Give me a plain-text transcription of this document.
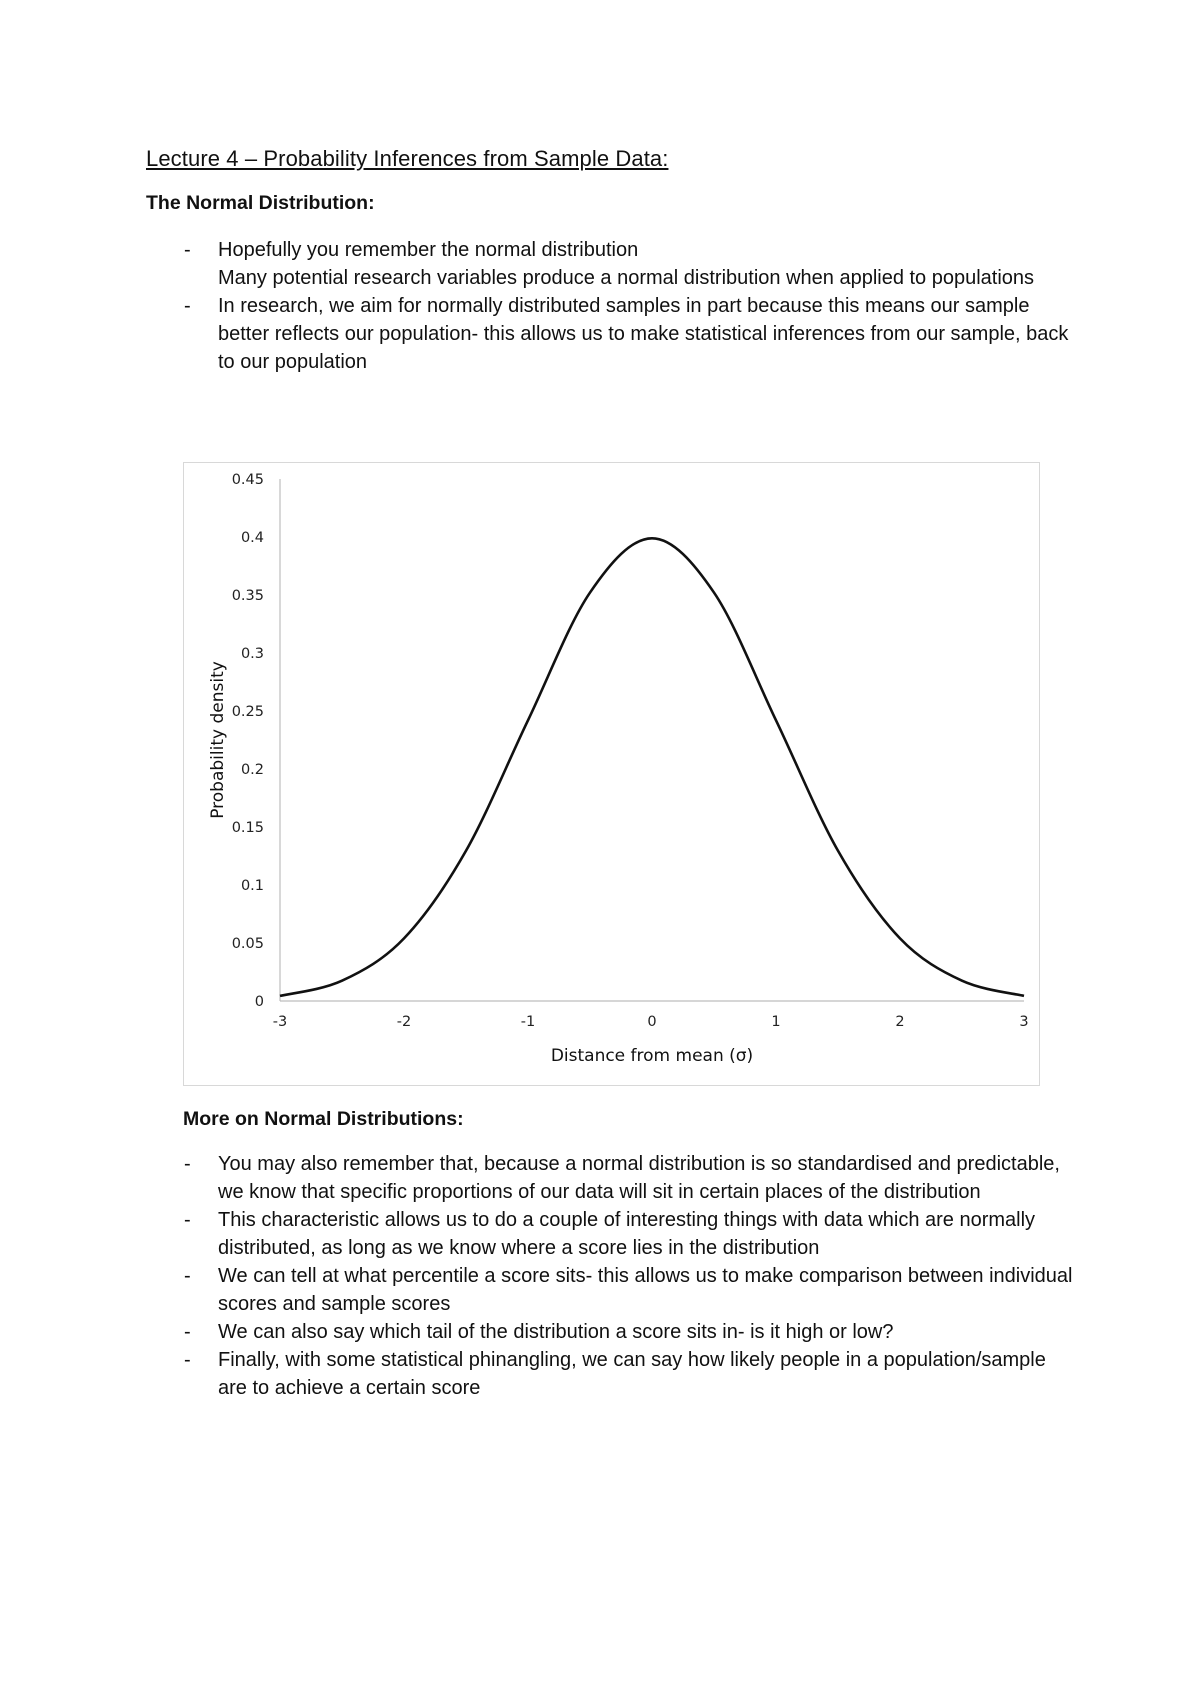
Lecture 4 – Probability Inferences from Sample Data:
The Normal Distribution:
- Hopefully you remember the normal distribution
Many potential research variables produce a normal distribution when applied to populations
- In research, we aim for normally distributed samples in part because this means our sample better reflects our population- this allows us to make statistical inferences from our sample, back to our population
0
0.05
0.1
0.15
0.2
0.25
0.3
0.35
0.4
0.45
-3	-2	-1	0	1	2	3
Distance from mean (σ)
Probability density
More on Normal Distributions:
- You may also remember that, because a normal distribution is so standardised and predictable, we know that specific proportions of our data will sit in certain places of the distribution
- This characteristic allows us to do a couple of interesting things with data which are normally distributed, as long as we know where a score lies in the distribution
- We can tell at what percentile a score sits- this allows us to make comparison between individual scores and sample scores
- We can also say which tail of the distribution a score sits in- is it high or low?
- Finally, with some statistical phinangling, we can say how likely people in a population/sample are to achieve a certain score
